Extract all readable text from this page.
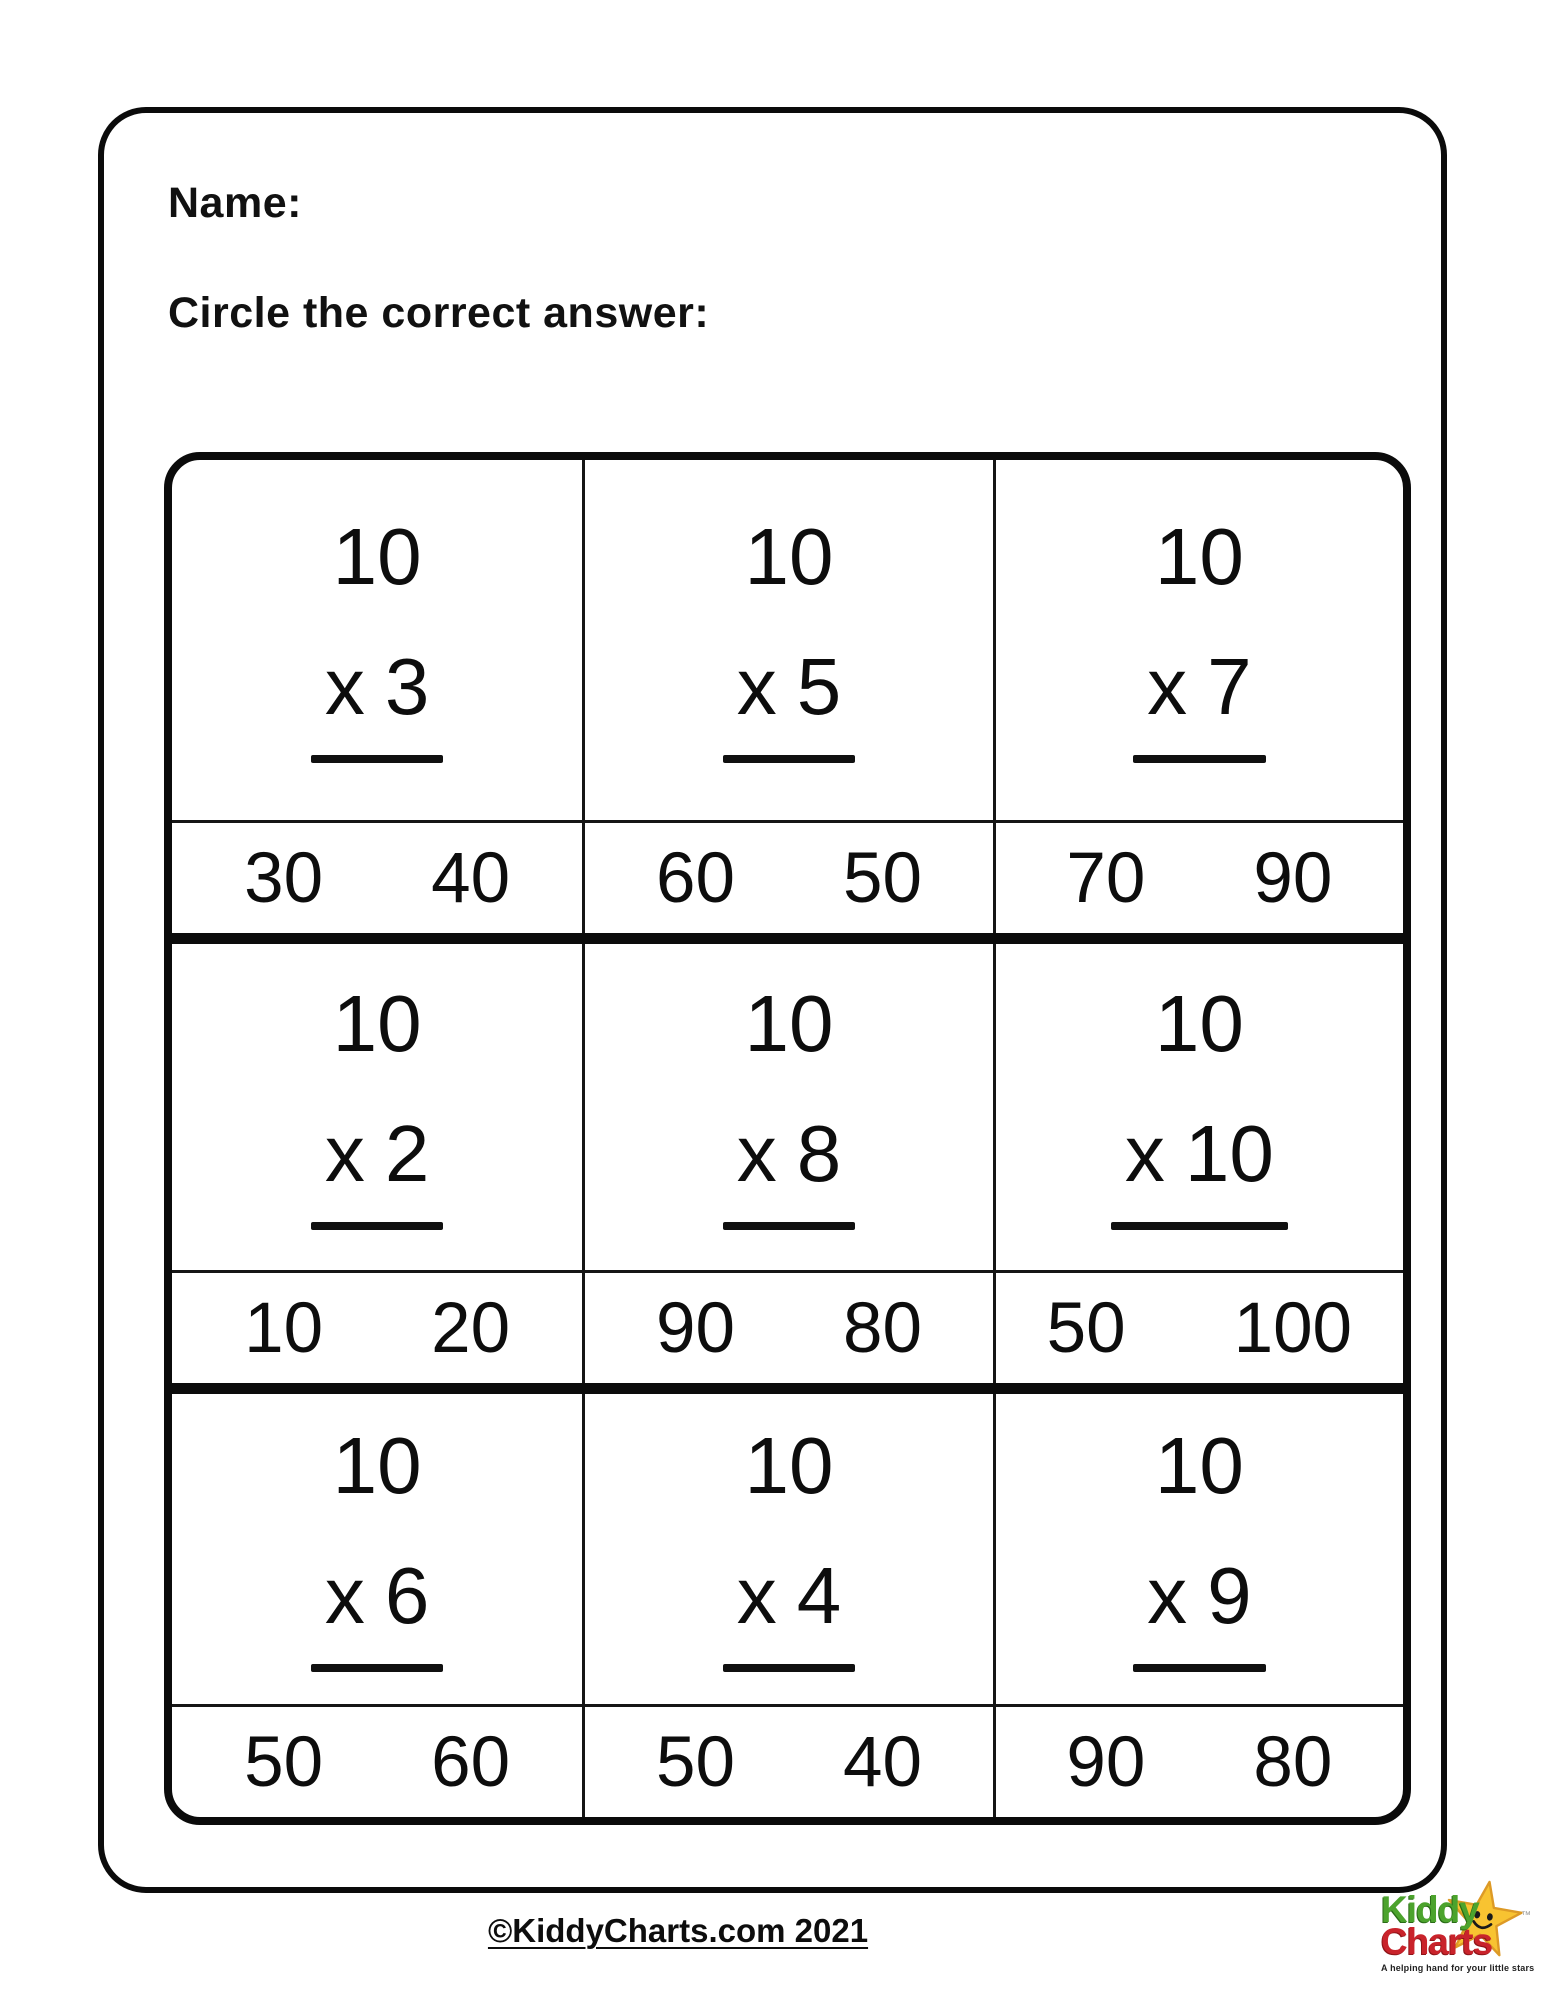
Name:
Circle the correct answer:
10
x 3
10
x 5
10
x 7
30 40 60 50 70 90
10
x 2
10
x 8
10
x 10
10 20 90 80 50 100
10
x 6
10
x 4
10
x 9
50 60 50 40 90 80
©KiddyCharts.com 2021
Kiddy	™
Charts
A helping hand for your little stars
